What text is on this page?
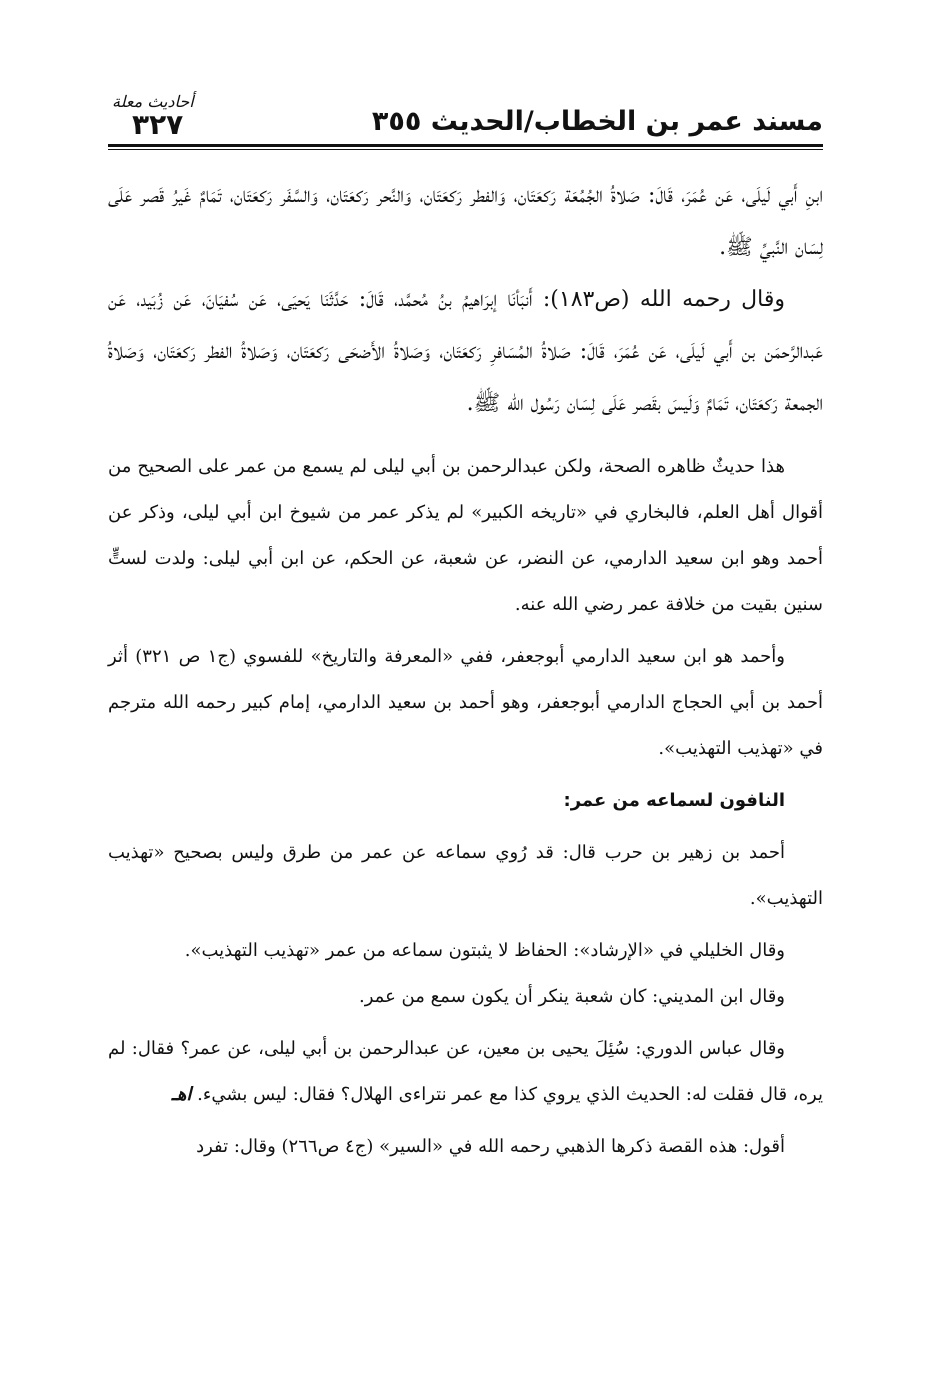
مسند عمر بن الخطاب/الحديث ٣٥٥
أحاديث معلة
٣٢٧

ابنِ أَبي لَيلَى، عَن عُمَرَ، قَالَ: صَلاةُ الجُمُعَة رَكعَتَان، وَالفطر رَكعَتَان، وَالنَّحر رَكعَتَان، وَالسَّفَر رَكعَتَان، تَمَامٌ غَيرُ قَصر عَلَى لِسَان النَّبيِّ ﷺ.

وقال رحمه الله (ص١٨٣): أَنبَأنَا إبرَاهيمُ بنُ مُحمَّد، قَالَ: حَدَّثَنَا يَحيَى، عَن سُفيَانَ، عَن زُبَيد، عَن عَبدالرَّحمَن بن أَبي لَيلَى، عَن عُمَرَ، قَالَ: صَلاةُ المُسَافرِ رَكعَتَان، وَصَلاةُ الأَضحَى رَكعَتَان، وَصَلاةُ الفطر رَكعَتَان، وَصَلاةُ الجمعة رَكعَتَان، تَمَامٌ وَلَيسَ بقَصر عَلَى لِسَان رَسُول الله ﷺ.

هذا حديثٌ ظاهره الصحة، ولكن عبدالرحمن بن أبي ليلى لم يسمع من عمر على الصحيح من أقوال أهل العلم، فالبخاري في «تاريخه الكبير» لم يذكر عمر من شيوخ ابن أبي ليلى، وذكر عن أحمد وهو ابن سعيد الدارمي، عن النضر، عن شعبة، عن الحكم، عن ابن أبي ليلى: ولدت لستٍّ سنين بقيت من خلافة عمر رضي الله عنه.

وأحمد هو ابن سعيد الدارمي أبوجعفر، ففي «المعرفة والتاريخ» للفسوي (ج١ ص ٣٢١) أثر أحمد بن أبي الحجاج الدارمي أبوجعفر، وهو أحمد بن سعيد الدارمي، إمام كبير رحمه الله مترجم في «تهذيب التهذيب».

النافون لسماعه من عمر:

أحمد بن زهير بن حرب قال: قد رُوي سماعه عن عمر من طرق وليس بصحيح «تهذيب التهذيب».

وقال الخليلي في «الإرشاد»: الحفاظ لا يثبتون سماعه من عمر «تهذيب التهذيب».

وقال ابن المديني: كان شعبة ينكر أن يكون سمع من عمر.

وقال عباس الدوري: سُئِلَ يحيى بن معين، عن عبدالرحمن بن أبي ليلى، عن عمر؟ فقال: لم يره، قال فقلت له: الحديث الذي يروي كذا مع عمر نتراءى الهلال؟ فقال: ليس بشيء. اهـ

أقول: هذه القصة ذكرها الذهبي رحمه الله في «السير» (ج٤ ص٢٦٦) وقال: تفرد
